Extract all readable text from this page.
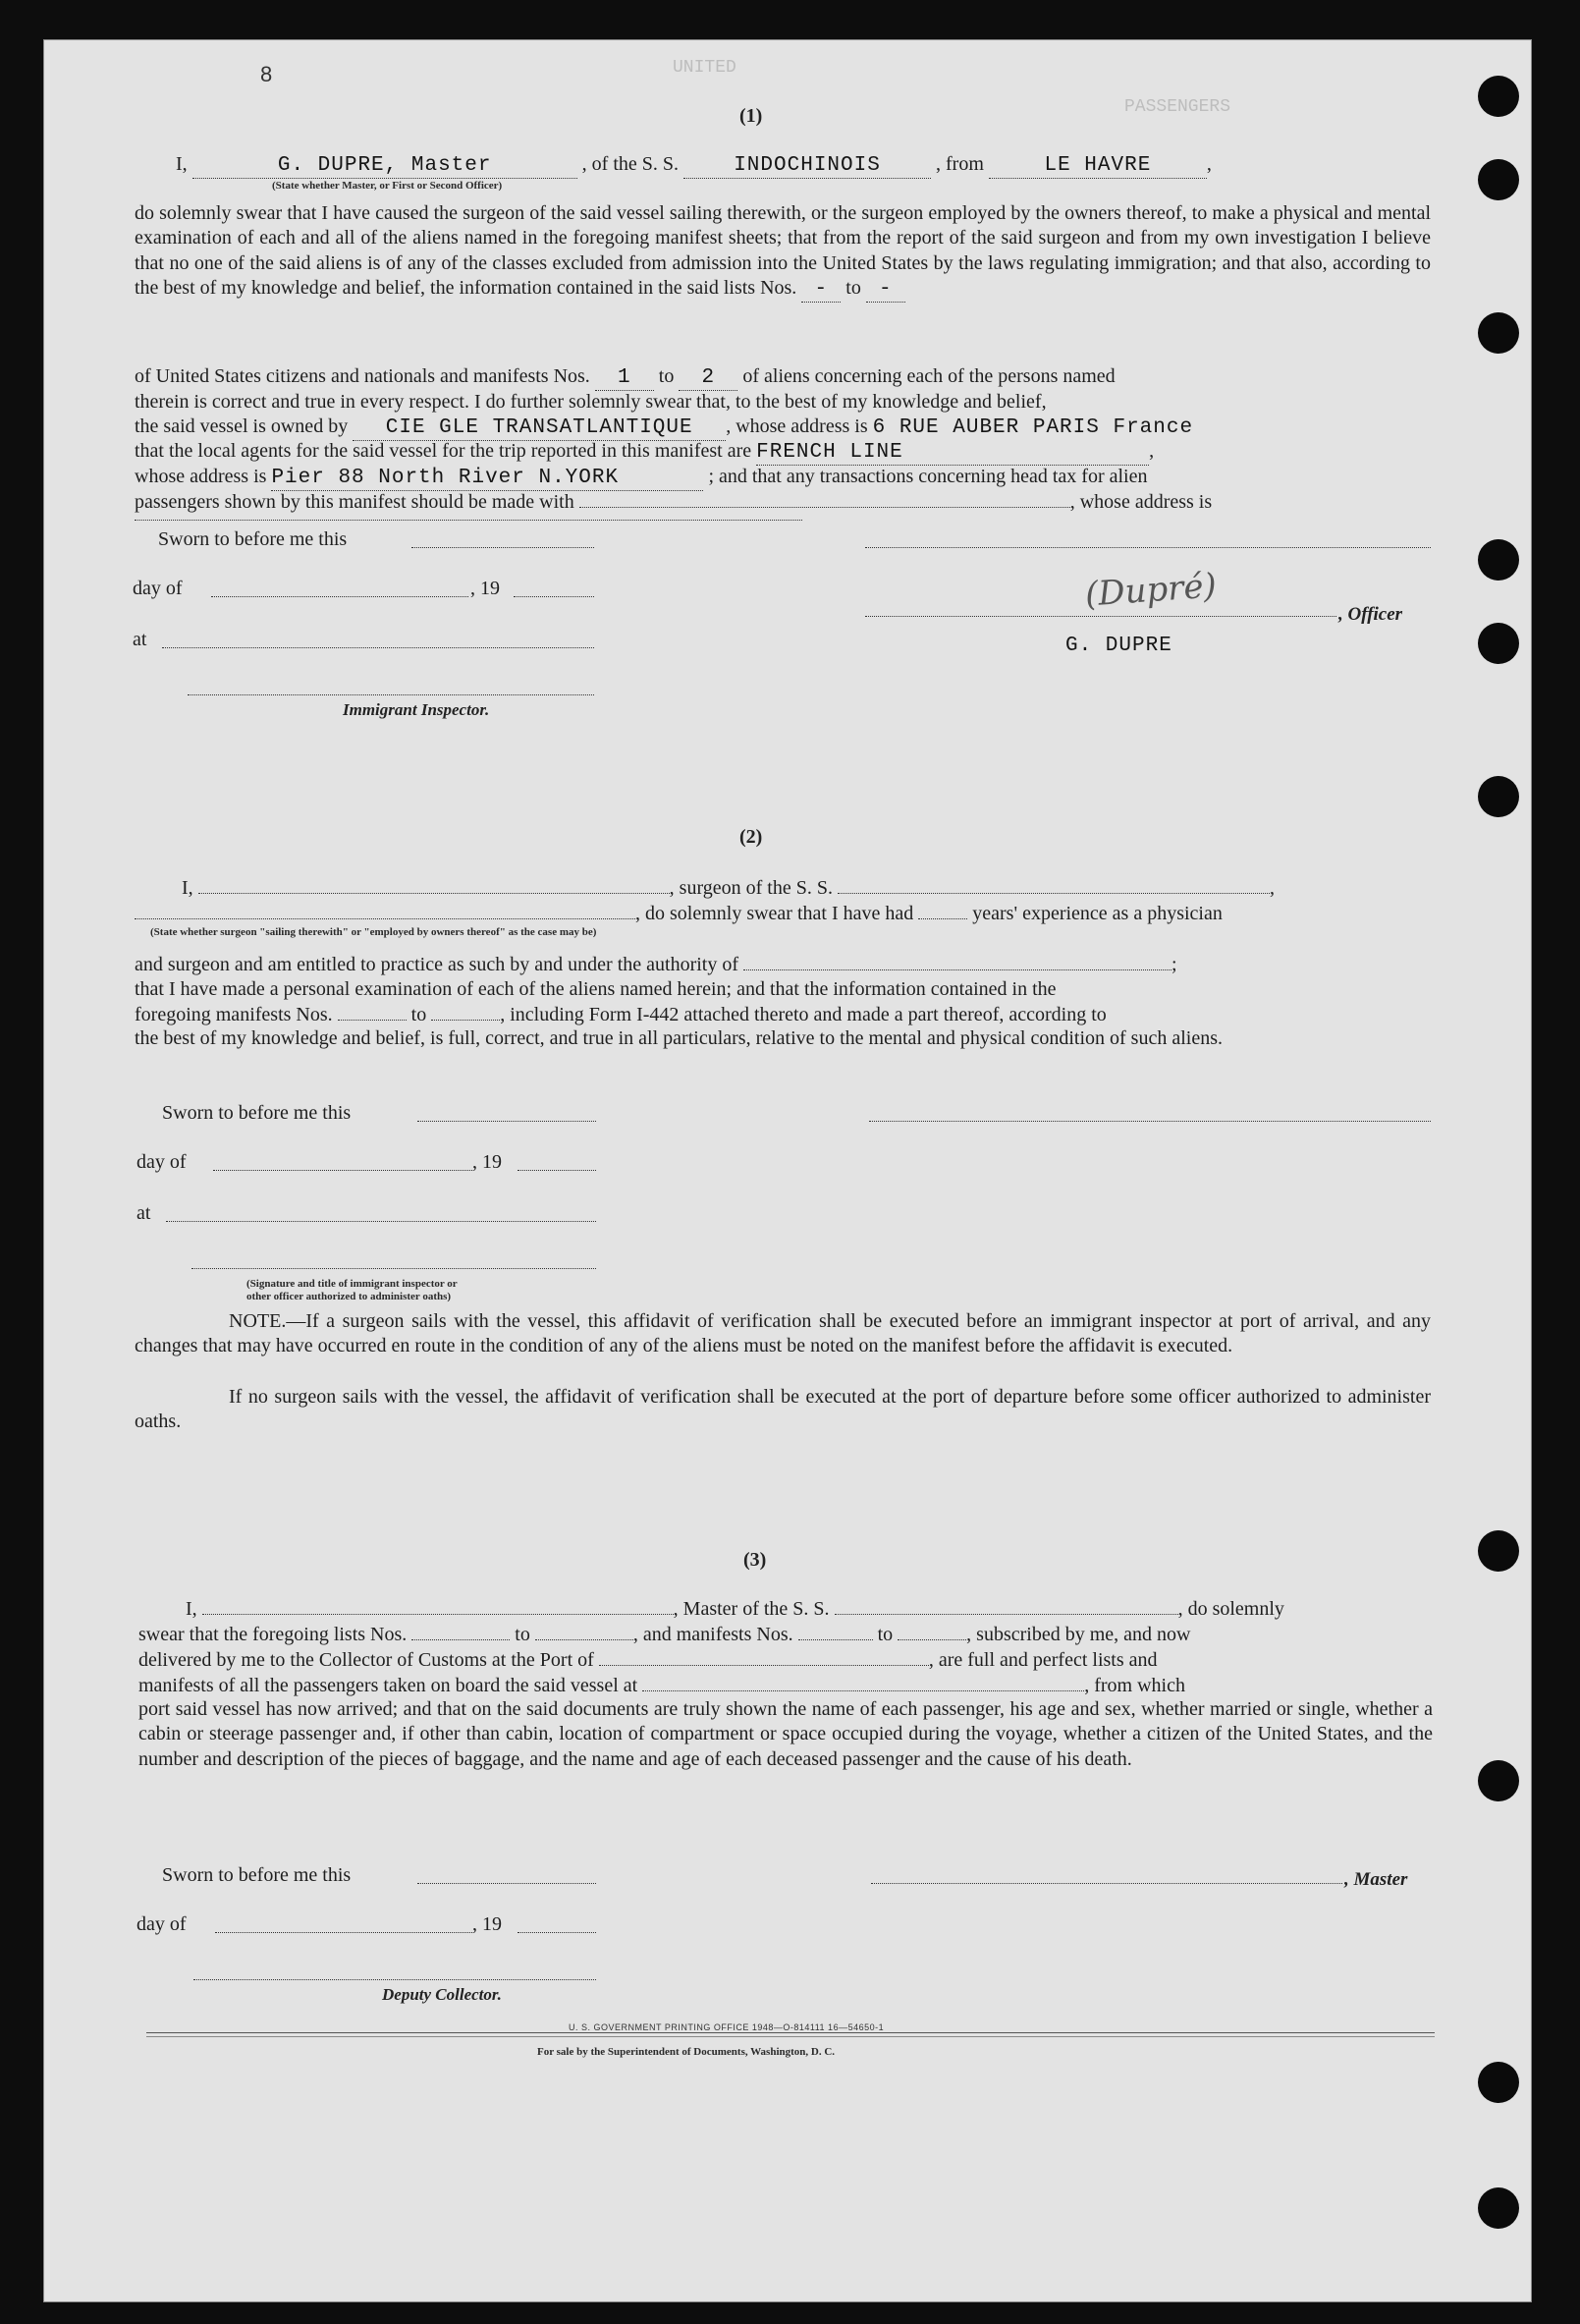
8	UNITED
PASSENGERS
(1)
I,	G. DUPRE, Master	, of the S. S.	INDOCHINOIS	, from	LE HAVRE	,
(State whether Master, or First or Second Officer)
do solemnly swear that I have caused the surgeon of the said vessel sailing therewith, or the surgeon employed by the owners thereof, to make a physical and mental examination of each and all of the aliens named in the foregoing manifest sheets; that from the report of the said surgeon and from my own investigation I believe that no one of the said aliens is of any of the classes excluded from admission into the United States by the laws regulating immigration; and that also, according to the best of my knowledge and belief, the information contained in the said lists Nos. - to -
of United States citizens and nationals and manifests Nos. 1 to 2 of aliens concerning each of the persons named
therein is correct and true in every respect. I do further solemnly swear that, to the best of my knowledge and belief,
the said vessel is owned by CIE GLE TRANSATLANTIQUE , whose address is 6 RUE AUBER PARIS France
that the local agents for the said vessel for the trip reported in this manifest are FRENCH LINE	,
whose address is Pier 88 North River N.YORK	; and that any transactions concerning head tax for alien
passengers shown by this manifest should be made with	, whose address is
Sworn to before me this
day of	, 19	(Dupré)	, Officer
G. DUPRE
at
Immigrant Inspector.
(2)
I,	, surgeon of the S. S.	,
, do solemnly swear that I have had	years' experience as a physician
(State whether surgeon "sailing therewith" or "employed by owners thereof" as the case may be)
and surgeon and am entitled to practice as such by and under the authority of	;
that I have made a personal examination of each of the aliens named herein; and that the information contained in the
foregoing manifests Nos.	to	, including Form I-442 attached thereto and made a part thereof, according to
the best of my knowledge and belief, is full, correct, and true in all particulars, relative to the mental and physical condition of such aliens.
Sworn to before me this
day of	, 19
at
(Signature and title of immigrant inspector or
other officer authorized to administer oaths)
NOTE.—If a surgeon sails with the vessel, this affidavit of verification shall be executed before an immigrant inspector at port of arrival, and any changes that may have occurred en route in the condition of any of the aliens must be noted on the manifest before the affidavit is executed.
If no surgeon sails with the vessel, the affidavit of verification shall be executed at the port of departure before some officer authorized to administer oaths.
(3)
I,	, Master of the S. S.	, do solemnly
swear that the foregoing lists Nos.	to	, and manifests Nos.	to	, subscribed by me, and now
delivered by me to the Collector of Customs at the Port of	, are full and perfect lists and
manifests of all the passengers taken on board the said vessel at	, from which
port said vessel has now arrived; and that on the said documents are truly shown the name of each passenger, his age and sex, whether married or single, whether a cabin or steerage passenger and, if other than cabin, location of compartment or space occupied during the voyage, whether a citizen of the United States, and the number and description of the pieces of baggage, and the name and age of each deceased passenger and the cause of his death.
Sworn to before me this	, Master
day of	, 19
Deputy Collector.
U. S. GOVERNMENT PRINTING OFFICE 1948—O-814111 16—54650-1
For sale by the Superintendent of Documents, Washington, D. C.
